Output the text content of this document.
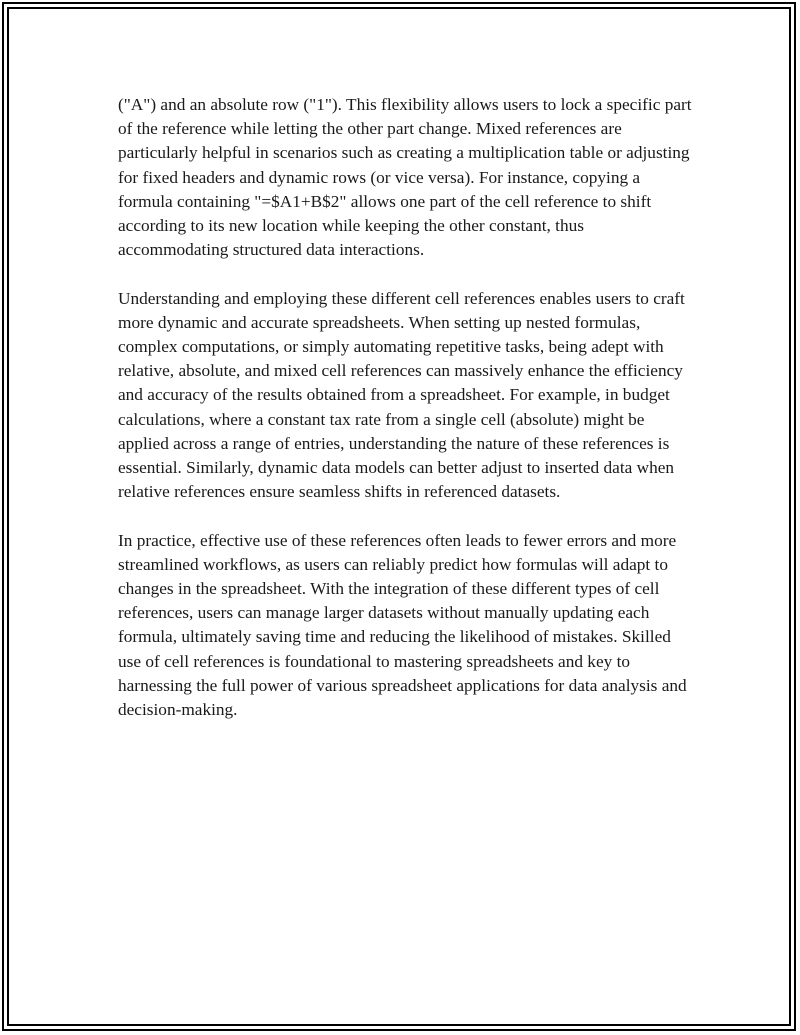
("A") and an absolute row ("1"). This flexibility allows users to lock a specific part of the reference while letting the other part change. Mixed references are particularly helpful in scenarios such as creating a multiplication table or adjusting for fixed headers and dynamic rows (or vice versa). For instance, copying a formula containing "=$A1+B$2" allows one part of the cell reference to shift according to its new location while keeping the other constant, thus accommodating structured data interactions.

Understanding and employing these different cell references enables users to craft more dynamic and accurate spreadsheets. When setting up nested formulas, complex computations, or simply automating repetitive tasks, being adept with relative, absolute, and mixed cell references can massively enhance the efficiency and accuracy of the results obtained from a spreadsheet. For example, in budget calculations, where a constant tax rate from a single cell (absolute) might be applied across a range of entries, understanding the nature of these references is essential. Similarly, dynamic data models can better adjust to inserted data when relative references ensure seamless shifts in referenced datasets.

In practice, effective use of these references often leads to fewer errors and more streamlined workflows, as users can reliably predict how formulas will adapt to changes in the spreadsheet. With the integration of these different types of cell references, users can manage larger datasets without manually updating each formula, ultimately saving time and reducing the likelihood of mistakes. Skilled use of cell references is foundational to mastering spreadsheets and key to harnessing the full power of various spreadsheet applications for data analysis and decision-making.
